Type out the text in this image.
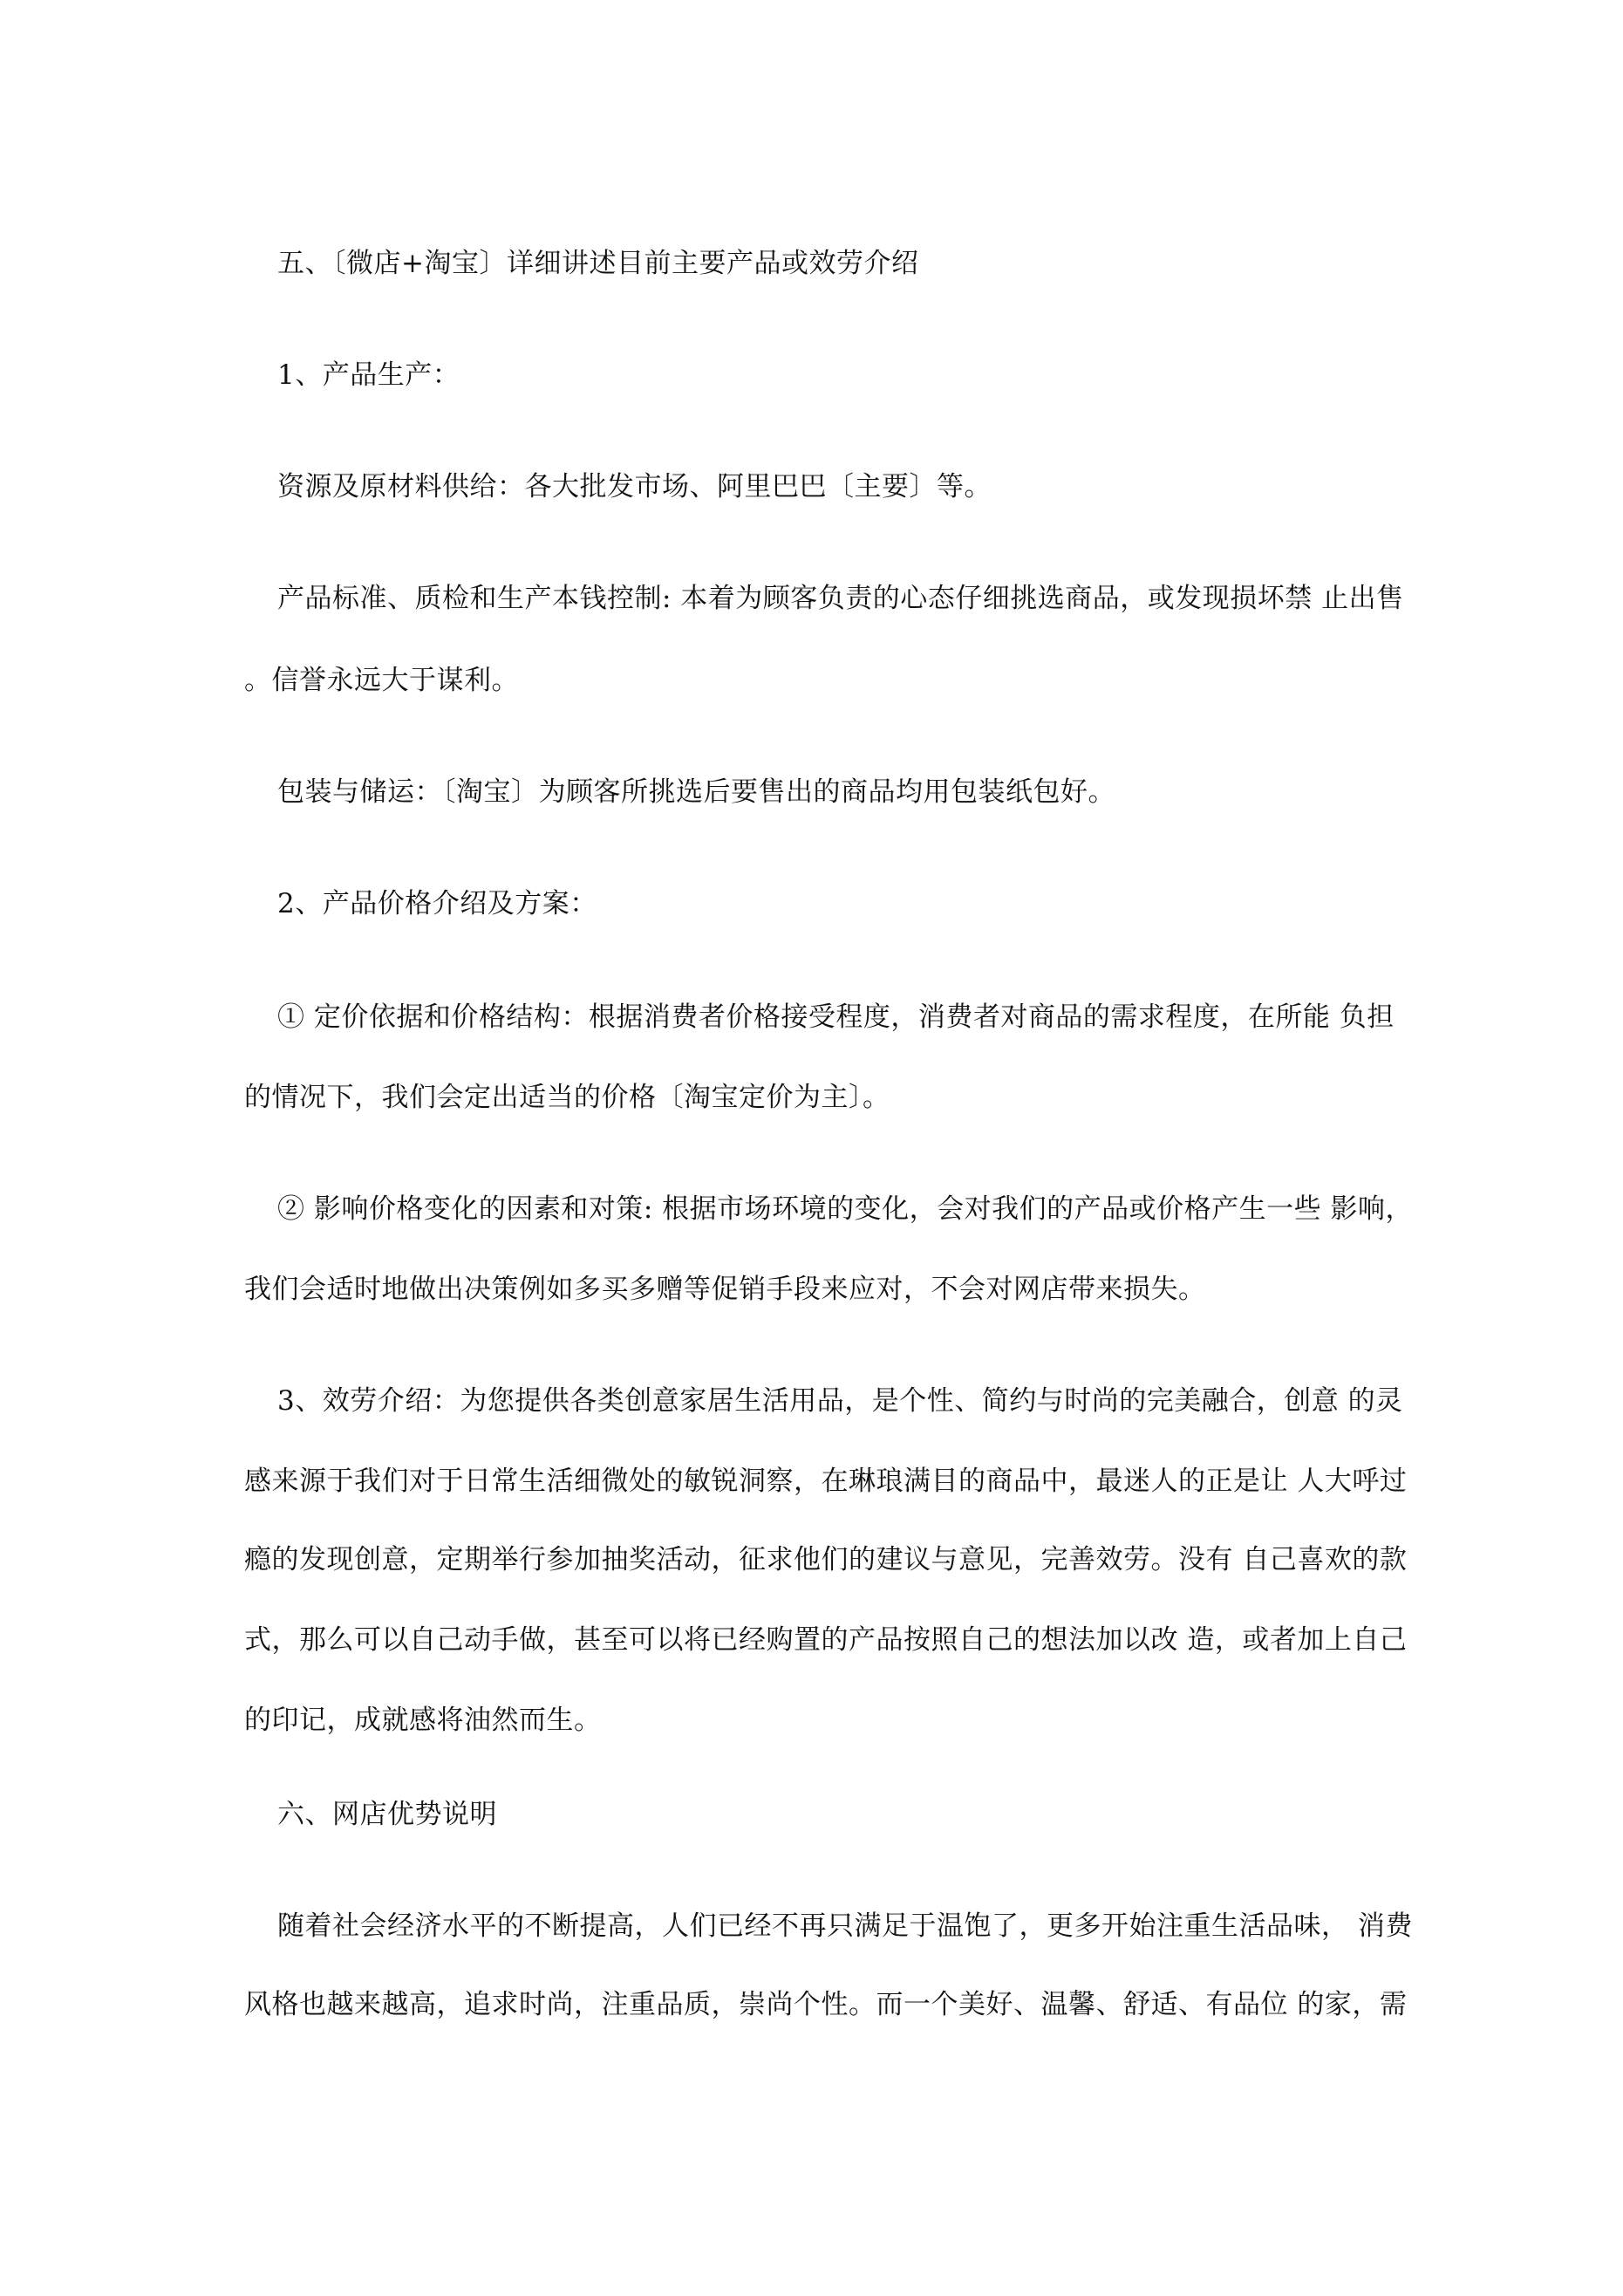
五、〔微店+淘宝〕详细讲述目前主要产品或效劳介绍
1、产品生产：
资源及原材料供给：各大批发市场、阿里巴巴〔主要〕等。
产品标准、质检和生产本钱控制: 本着为顾客负责的心态仔细挑选商品，或发现损坏禁 止出售
。信誉永远大于谋利。
包装与储运：〔淘宝〕为顾客所挑选后要售出的商品均用包装纸包好。
2、产品价格介绍及方案：
① 定价依据和价格结构：根据消费者价格接受程度，消费者对商品的需求程度，在所能 负担
的情况下，我们会定出适当的价格〔淘宝定价为主〕。
② 影响价格变化的因素和对策: 根据市场环境的变化，会对我们的产品或价格产生一些 影响，
我们会适时地做出决策例如多买多赠等促销手段来应对，不会对网店带来损失。
3、效劳介绍：为您提供各类创意家居生活用品，是个性、简约与时尚的完美融合，创意 的灵
感来源于我们对于日常生活细微处的敏锐洞察，在琳琅满目的商品中，最迷人的正是让 人大呼过
瘾的发现创意，定期举行参加抽奖活动，征求他们的建议与意见，完善效劳。没有 自己喜欢的款
式，那么可以自己动手做，甚至可以将已经购置的产品按照自己的想法加以改 造，或者加上自己
的印记，成就感将油然而生。
六、网店优势说明
随着社会经济水平的不断提高，人们已经不再只满足于温饱了，更多开始注重生活品味， 消费
风格也越来越高，追求时尚，注重品质，崇尚个性。而一个美好、温馨、舒适、有品位 的家，需
